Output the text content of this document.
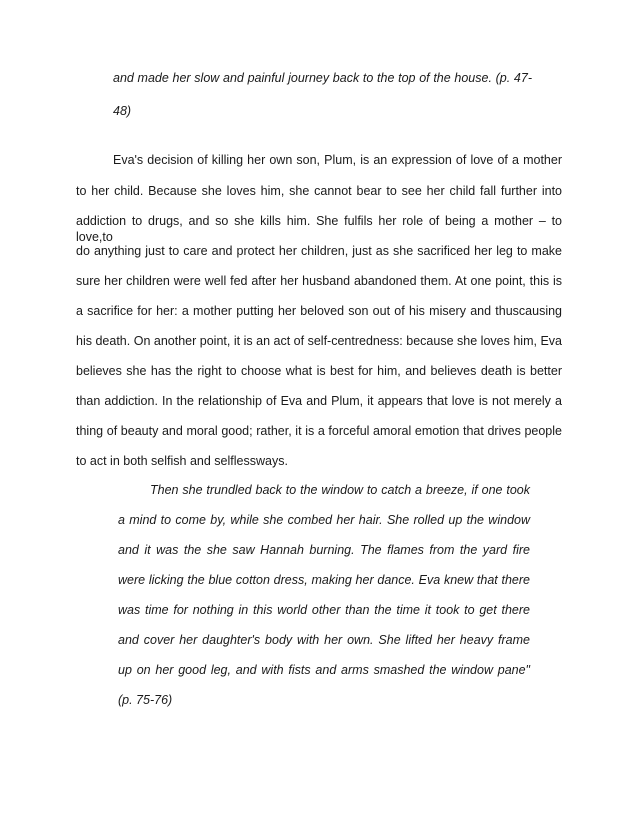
and made her slow and painful journey back to the top of the house. (p. 47-
48)
Eva's decision of killing her own son, Plum, is an expression of love of a mother
to her child. Because she loves him, she cannot bear to see her child fall further into
addiction to drugs, and so she kills him. She fulfils her role of being a mother – to love,to
do anything just to care and protect her children, just as she sacrificed her leg to make
sure her children were well fed after her husband abandoned them. At one point, this is
a sacrifice for her: a mother putting her beloved son out of his misery and thuscausing
his death. On another point, it is an act of self-centredness: because she loves him, Eva
believes she has the right to choose what is best for him, and believes death is better
than addiction. In the relationship of Eva and Plum, it appears that love is not merely a
thing of beauty and moral good; rather, it is a forceful amoral emotion that drives people
to act in both selfish and selflessways.
Then she trundled back to the window to catch a breeze, if one took
a mind to come by, while she combed her hair. She rolled up the window
and it was the she saw Hannah burning. The flames from the yard fire
were licking the blue cotton dress, making her dance. Eva knew that there
was time for nothing in this world other than the time it took to get there
and cover her daughter's body with her own. She lifted her heavy frame
up on her good leg, and with fists and arms smashed the window pane"
(p. 75-76)
